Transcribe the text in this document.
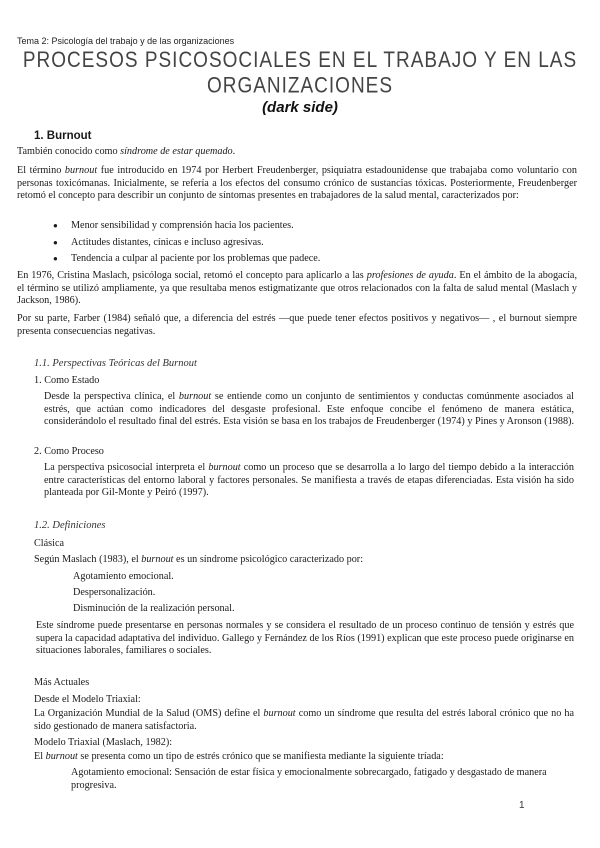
Tema 2: Psicología del trabajo y de las organizaciones
PROCESOS PSICOSOCIALES EN EL TRABAJO Y EN LAS ORGANIZACIONES
(dark side)
1. Burnout
También conocido como síndrome de estar quemado.
El término burnout fue introducido en 1974 por Herbert Freudenberger, psiquiatra estadounidense que trabajaba como voluntario con personas toxicómanas. Inicialmente, se refería a los efectos del consumo crónico de sustancias tóxicas. Posteriormente, Freudenberger retomó el concepto para describir un conjunto de síntomas presentes en trabajadores de la salud mental, caracterizados por:
● Menor sensibilidad y comprensión hacia los pacientes.
● Actitudes distantes, cínicas e incluso agresivas.
● Tendencia a culpar al paciente por los problemas que padece.
En 1976, Cristina Maslach, psicóloga social, retomó el concepto para aplicarlo a las profesiones de ayuda. En el ámbito de la abogacía, el término se utilizó ampliamente, ya que resultaba menos estigmatizante que otros relacionados con la falta de salud mental (Maslach y Jackson, 1986).
Por su parte, Farber (1984) señaló que, a diferencia del estrés —que puede tener efectos positivos y negativos— , el burnout siempre presenta consecuencias negativas.
1.1. Perspectivas Teóricas del Burnout
1. Como Estado
Desde la perspectiva clínica, el burnout se entiende como un conjunto de sentimientos y conductas comúnmente asociados al estrés, que actúan como indicadores del desgaste profesional. Este enfoque concibe el fenómeno de manera estática, considerándolo el resultado final del estrés. Esta visión se basa en los trabajos de Freudenberger (1974) y Pines y Aronson (1988).
2. Como Proceso
La perspectiva psicosocial interpreta el burnout como un proceso que se desarrolla a lo largo del tiempo debido a la interacción entre características del entorno laboral y factores personales. Se manifiesta a través de etapas diferenciadas. Esta visión ha sido planteada por Gil-Monte y Peiró (1997).
1.2. Definiciones
Clásica
Según Maslach (1983), el burnout es un síndrome psicológico caracterizado por:
Agotamiento emocional.
Despersonalización.
Disminución de la realización personal.
Este síndrome puede presentarse en personas normales y se considera el resultado de un proceso continuo de tensión y estrés que supera la capacidad adaptativa del individuo. Gallego y Fernández de los Ríos (1991) explican que este proceso puede originarse en situaciones laborales, familiares o sociales.
Más Actuales
Desde el Modelo Triaxial:
La Organización Mundial de la Salud (OMS) define el burnout como un síndrome que resulta del estrés laboral crónico que no ha sido gestionado de manera satisfactoria.
Modelo Triaxial (Maslach, 1982):
El burnout se presenta como un tipo de estrés crónico que se manifiesta mediante la siguiente tríada:
Agotamiento emocional: Sensación de estar física y emocionalmente sobrecargado, fatigado y desgastado de manera progresiva.
1
